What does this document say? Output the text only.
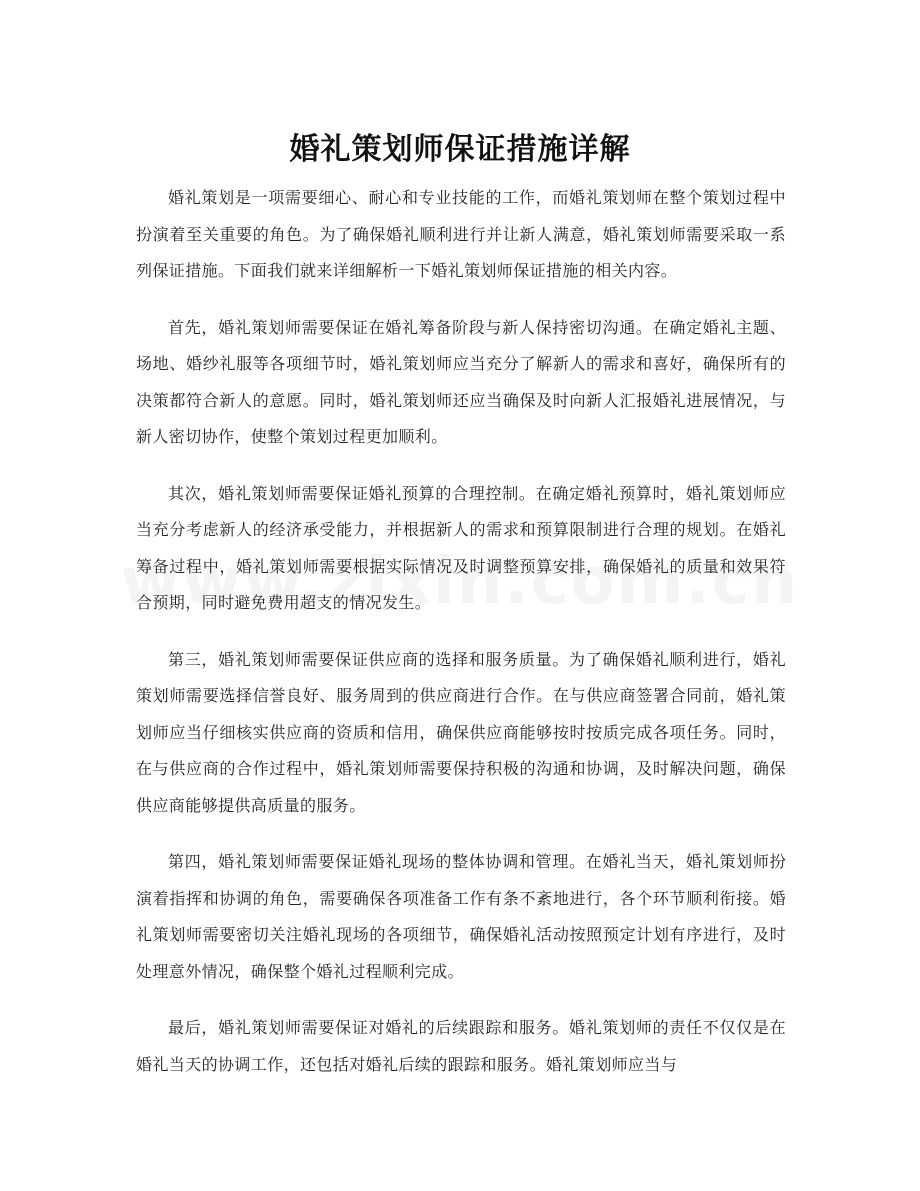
婚礼策划师保证措施详解

婚礼策划是一项需要细心、耐心和专业技能的工作，而婚礼策划师在整个策划过程中扮演着至关重要的角色。为了确保婚礼顺利进行并让新人满意，婚礼策划师需要采取一系列保证措施。下面我们就来详细解析一下婚礼策划师保证措施的相关内容。

首先，婚礼策划师需要保证在婚礼筹备阶段与新人保持密切沟通。在确定婚礼主题、场地、婚纱礼服等各项细节时，婚礼策划师应当充分了解新人的需求和喜好，确保所有的决策都符合新人的意愿。同时，婚礼策划师还应当确保及时向新人汇报婚礼进展情况，与新人密切协作，使整个策划过程更加顺利。

其次，婚礼策划师需要保证婚礼预算的合理控制。在确定婚礼预算时，婚礼策划师应当充分考虑新人的经济承受能力，并根据新人的需求和预算限制进行合理的规划。在婚礼筹备过程中，婚礼策划师需要根据实际情况及时调整预算安排，确保婚礼的质量和效果符合预期，同时避免费用超支的情况发生。

第三，婚礼策划师需要保证供应商的选择和服务质量。为了确保婚礼顺利进行，婚礼策划师需要选择信誉良好、服务周到的供应商进行合作。在与供应商签署合同前，婚礼策划师应当仔细核实供应商的资质和信用，确保供应商能够按时按质完成各项任务。同时，在与供应商的合作过程中，婚礼策划师需要保持积极的沟通和协调，及时解决问题，确保供应商能够提供高质量的服务。

第四，婚礼策划师需要保证婚礼现场的整体协调和管理。在婚礼当天，婚礼策划师扮演着指挥和协调的角色，需要确保各项准备工作有条不紊地进行，各个环节顺利衔接。婚礼策划师需要密切关注婚礼现场的各项细节，确保婚礼活动按照预定计划有序进行，及时处理意外情况，确保整个婚礼过程顺利完成。

最后，婚礼策划师需要保证对婚礼的后续跟踪和服务。婚礼策划师的责任不仅仅是在婚礼当天的协调工作，还包括对婚礼后续的跟踪和服务。婚礼策划师应当与
